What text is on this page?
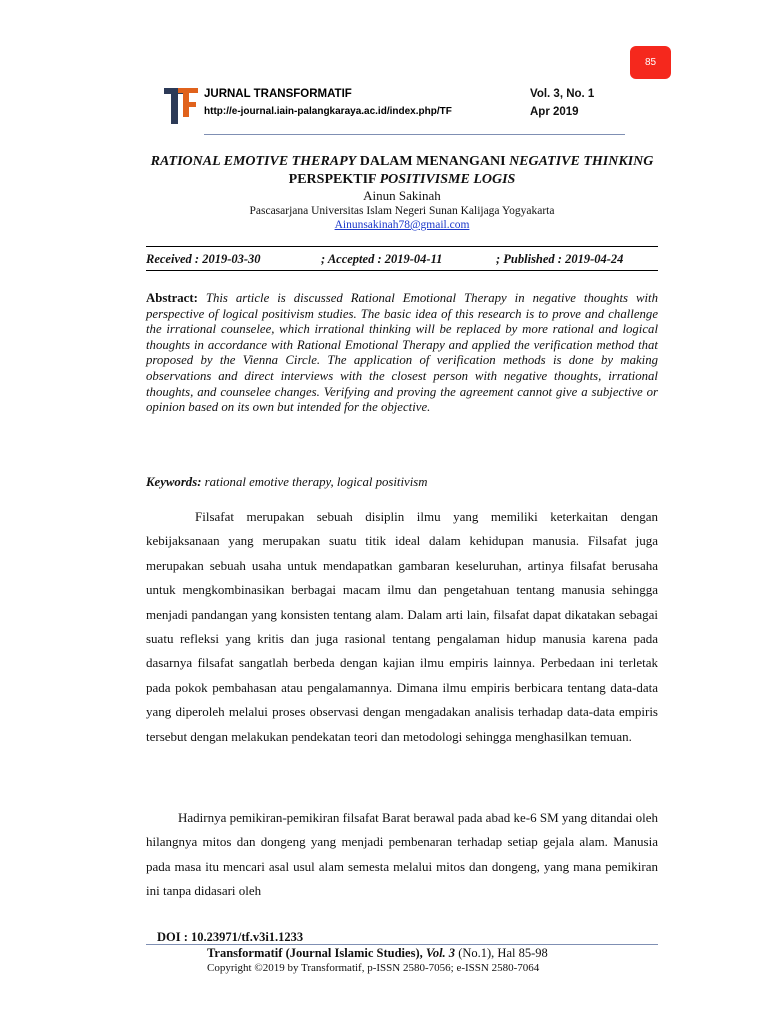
85
JURNAL TRANSFORMATIF
http://e-journal.iain-palangkaraya.ac.id/index.php/TF
Vol. 3, No. 1
Apr 2019
RATIONAL EMOTIVE THERAPY DALAM MENANGANI NEGATIVE THINKING PERSPEKTIF POSITIVISME LOGIS
Ainun Sakinah
Pascasarjana Universitas Islam Negeri Sunan Kalijaga Yogyakarta
Ainunsakinah78@gmail.com
Received : 2019-03-30	; Accepted : 2019-04-11	; Published : 2019-04-24

Abstract: This article is discussed Rational Emotional Therapy in negative thoughts with perspective of logical positivism studies. The basic idea of this research is to prove and challenge the irrational counselee, which irrational thinking will be replaced by more rational and logical thoughts in accordance with Rational Emotional Therapy and applied the verification method that proposed by the Vienna Circle. The application of verification methods is done by making observations and direct interviews with the closest person with negative thoughts, irrational thoughts, and counselee changes. Verifying and proving the agreement cannot give a subjective or opinion based on its own but intended for the objective.

Keywords: rational emotive therapy, logical positivism

Filsafat merupakan sebuah disiplin ilmu yang memiliki keterkaitan dengan kebijaksanaan yang merupakan suatu titik ideal dalam kehidupan manusia. Filsafat juga merupakan sebuah usaha untuk mendapatkan gambaran keseluruhan, artinya filsafat berusaha untuk mengkombinasikan berbagai macam ilmu dan pengetahuan tentang manusia sehingga menjadi pandangan yang konsisten tentang alam. Dalam arti lain, filsafat dapat dikatakan sebagai suatu refleksi yang kritis dan juga rasional tentang pengalaman hidup manusia karena pada dasarnya filsafat sangatlah berbeda dengan kajian ilmu empiris lainnya. Perbedaan ini terletak pada pokok pembahasan atau pengalamannya. Dimana ilmu empiris berbicara tentang data-data yang diperoleh melalui proses observasi dengan mengadakan analisis terhadap data-data empiris tersebut dengan melakukan pendekatan teori dan metodologi sehingga menghasilkan temuan.

Hadirnya pemikiran-pemikiran filsafat Barat berawal pada abad ke-6 SM yang ditandai oleh hilangnya mitos dan dongeng yang menjadi pembenaran terhadap setiap gejala alam. Manusia pada masa itu mencari asal usul alam semesta melalui mitos dan dongeng, yang mana pemikiran ini tanpa didasari oleh

DOI : 10.23971/tf.v3i1.1233
Transformatif (Journal Islamic Studies), Vol. 3 (No.1), Hal 85-98
Copyright ©2019 by Transformatif, p-ISSN 2580-7056; e-ISSN 2580-7064
